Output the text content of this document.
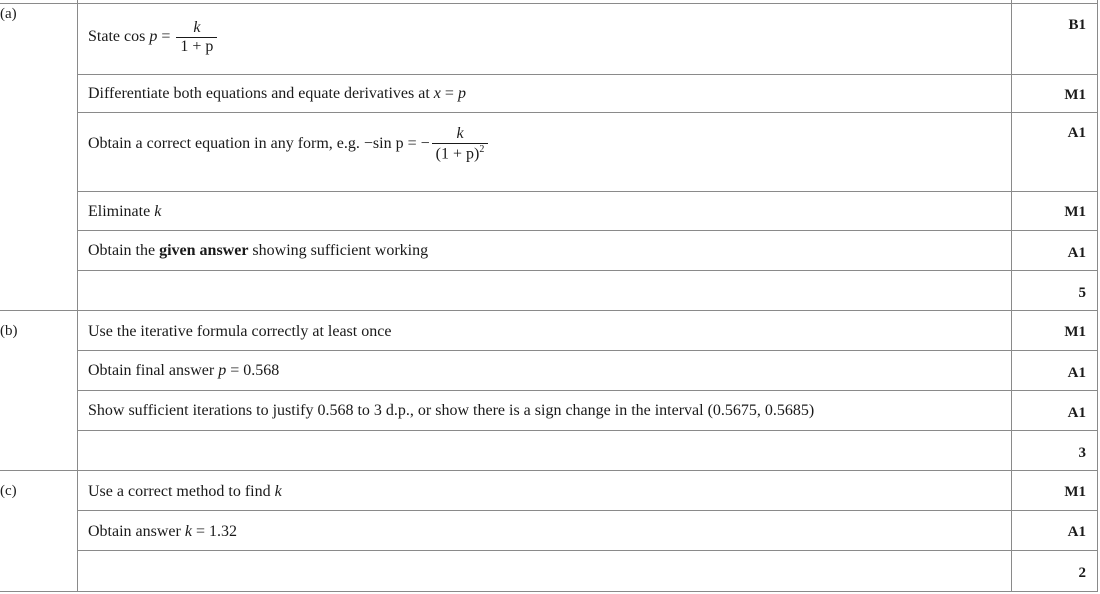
(a)
State $\cos p = \frac{k}{1 + p}$	B1
Differentiate both equations and equate derivatives at x = p	M1
Obtain a correct equation in any form, e.g. −sin p = − $\frac{k}{(1 + p)^2}$	A1
Eliminate k	M1
Obtain the given answer showing sufficient working	A1
5
(b)	Use the iterative formula correctly at least once	M1
Obtain final answer p = 0.568	A1
Show sufficient iterations to justify 0.568 to 3 d.p., or show there is a sign change in the interval (0.5675, 0.5685)	A1
3
(c)	Use a correct method to find k	M1
Obtain answer k = 1.32	A1
2
